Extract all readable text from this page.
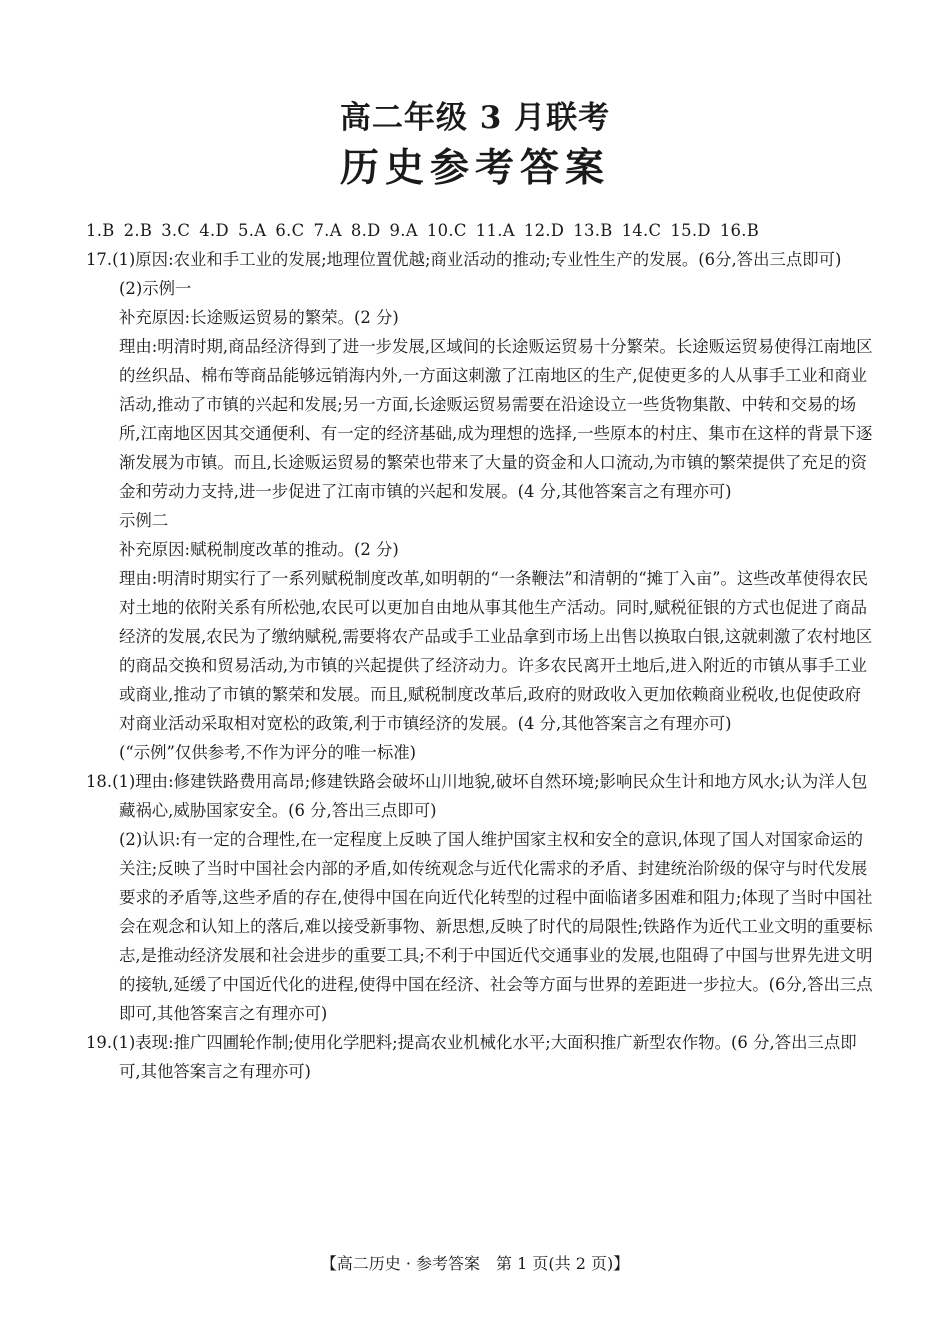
高二年级 3 月联考
历史参考答案

1.B 2.B 3.C 4.D 5.A 6.C 7.A 8.D 9.A 10.C 11.A 12.D 13.B 14.C 15.D 16.B

17.(1)原因:农业和手工业的发展;地理位置优越;商业活动的推动;专业性生产的发展。(6分,答出三点即可)

(2)示例一

补充原因:长途贩运贸易的繁荣。(2 分)

理由:明清时期,商品经济得到了进一步发展,区域间的长途贩运贸易十分繁荣。长途贩运贸易使得江南地区的丝织品、棉布等商品能够远销海内外,一方面这刺激了江南地区的生产,促使更多的人从事手工业和商业活动,推动了市镇的兴起和发展;另一方面,长途贩运贸易需要在沿途设立一些货物集散、中转和交易的场所,江南地区因其交通便利、有一定的经济基础,成为理想的选择,一些原本的村庄、集市在这样的背景下逐渐发展为市镇。而且,长途贩运贸易的繁荣也带来了大量的资金和人口流动,为市镇的繁荣提供了充足的资金和劳动力支持,进一步促进了江南市镇的兴起和发展。(4 分,其他答案言之有理亦可)

示例二

补充原因:赋税制度改革的推动。(2 分)

理由:明清时期实行了一系列赋税制度改革,如明朝的“一条鞭法”和清朝的“摊丁入亩”。这些改革使得农民对土地的依附关系有所松弛,农民可以更加自由地从事其他生产活动。同时,赋税征银的方式也促进了商品经济的发展,农民为了缴纳赋税,需要将农产品或手工业品拿到市场上出售以换取白银,这就刺激了农村地区的商品交换和贸易活动,为市镇的兴起提供了经济动力。许多农民离开土地后,进入附近的市镇从事手工业或商业,推动了市镇的繁荣和发展。而且,赋税制度改革后,政府的财政收入更加依赖商业税收,也促使政府对商业活动采取相对宽松的政策,利于市镇经济的发展。(4 分,其他答案言之有理亦可)

(“示例”仅供参考,不作为评分的唯一标准)

18.(1)理由:修建铁路费用高昂;修建铁路会破坏山川地貌,破坏自然环境;影响民众生计和地方风水;认为洋人包藏祸心,威胁国家安全。(6 分,答出三点即可)

(2)认识:有一定的合理性,在一定程度上反映了国人维护国家主权和安全的意识,体现了国人对国家命运的关注;反映了当时中国社会内部的矛盾,如传统观念与近代化需求的矛盾、封建统治阶级的保守与时代发展要求的矛盾等,这些矛盾的存在,使得中国在向近代化转型的过程中面临诸多困难和阻力;体现了当时中国社会在观念和认知上的落后,难以接受新事物、新思想,反映了时代的局限性;铁路作为近代工业文明的重要标志,是推动经济发展和社会进步的重要工具;不利于中国近代交通事业的发展,也阻碍了中国与世界先进文明的接轨,延缓了中国近代化的进程,使得中国在经济、社会等方面与世界的差距进一步拉大。(6分,答出三点即可,其他答案言之有理亦可)

19.(1)表现:推广四圃轮作制;使用化学肥料;提高农业机械化水平;大面积推广新型农作物。(6 分,答出三点即可,其他答案言之有理亦可)

【高二历史 · 参考答案　第 1 页(共 2 页)】
